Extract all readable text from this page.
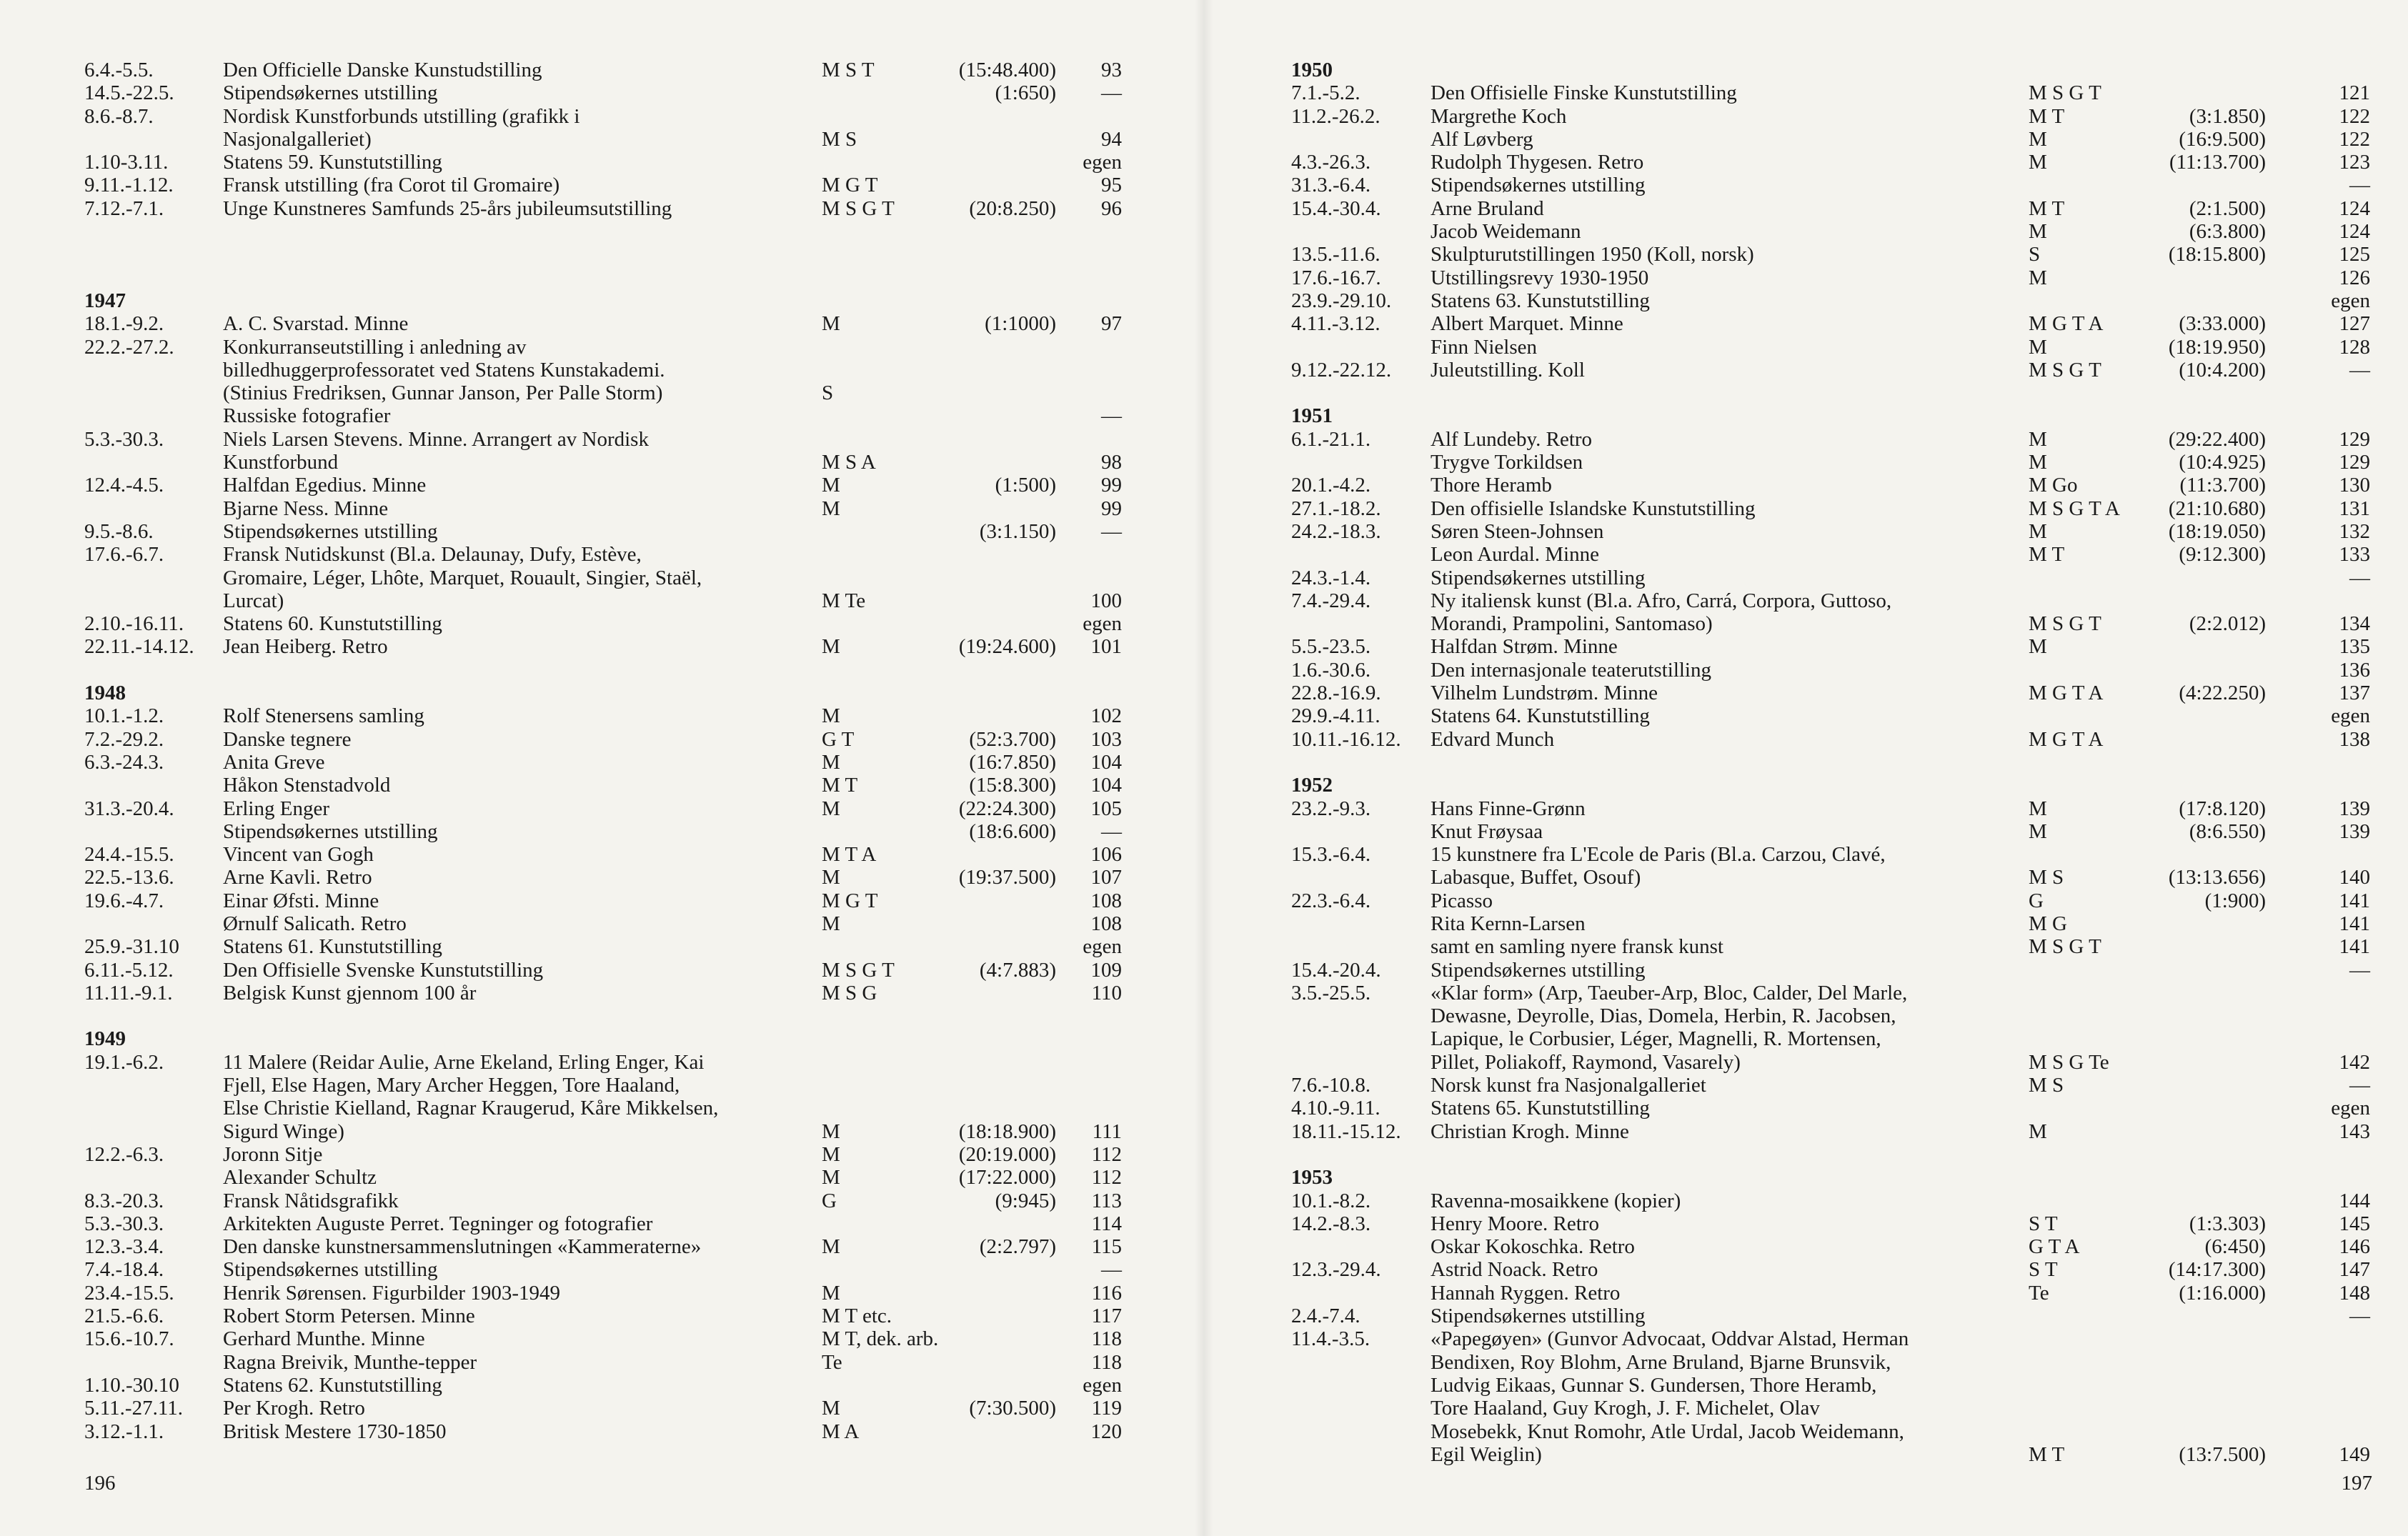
6.4.-5.5.	Den Officielle Danske Kunstudstilling	M S T	(15:48.400)	93
14.5.-22.5. Stipendsøkernes utstilling	(1:650)	—
8.6.-8.7.	Nordisk Kunstforbunds utstilling (grafikk i
Nasjonalgalleriet)	M S	94
1.10-3.11.	Statens 59. Kunstutstilling	egen
9.11.-1.12. Fransk utstilling (fra Corot til Gromaire)	M G T	95
7.12.-7.1.	Unge Kunstneres Samfunds 25-års jubileumsutstilling	M S G T	(20:8.250)	96
1947
18.1.-9.2.	A. C. Svarstad. Minne	M	(1:1000)	97
22.2.-27.2. Konkurranseutstilling i anledning av
billedhuggerprofessoratet ved Statens Kunstakademi.
(Stinius Fredriksen, Gunnar Janson, Per Palle Storm)	S
Russiske fotografier	—
5.3.-30.3.	Niels Larsen Stevens. Minne. Arrangert av Nordisk
Kunstforbund	M S A	98
12.4.-4.5.	Halfdan Egedius. Minne	M	(1:500)	99
Bjarne Ness. Minne	M	99
9.5.-8.6.	Stipendsøkernes utstilling	(3:1.150)	—
17.6.-6.7.	Fransk Nutidskunst (Bl.a. Delaunay, Dufy, Estève,
Gromaire, Léger, Lhôte, Marquet, Rouault, Singier, Staël,
Lurcat)	M Te	100
2.10.-16.11. Statens 60. Kunstutstilling	egen
22.11.-14.12. Jean Heiberg. Retro	M	(19:24.600)	101
1948
10.1.-1.2.	Rolf Stenersens samling	M	102
7.2.-29.2.	Danske tegnere	G T	(52:3.700)	103
6.3.-24.3.	Anita Greve	M	(16:7.850)	104
Håkon Stenstadvold	M T	(15:8.300)	104
31.3.-20.4. Erling Enger	M	(22:24.300)	105
Stipendsøkernes utstilling	(18:6.600)	—
24.4.-15.5. Vincent van Gogh	M T A	106
22.5.-13.6. Arne Kavli. Retro	M	(19:37.500)	107
19.6.-4.7.	Einar Øfsti. Minne	M G T	108
Ørnulf Salicath. Retro	M	108
25.9.-31.10 Statens 61. Kunstutstilling	egen
6.11.-5.12. Den Offisielle Svenske Kunstutstilling	M S G T	(4:7.883)	109
11.11.-9.1. Belgisk Kunst gjennom 100 år	M S G	110
1949
19.1.-6.2.	11 Malere (Reidar Aulie, Arne Ekeland, Erling Enger, Kai
Fjell, Else Hagen, Mary Archer Heggen, Tore Haaland,
Else Christie Kielland, Ragnar Kraugerud, Kåre Mikkelsen,
Sigurd Winge)	M	(18:18.900)	111
12.2.-6.3.	Joronn Sitje	M	(20:19.000)	112
Alexander Schultz	M	(17:22.000)	112
8.3.-20.3.	Fransk Nåtidsgrafikk	G	(9:945)	113
5.3.-30.3.	Arkitekten Auguste Perret. Tegninger og fotografier	114
12.3.-3.4.	Den danske kunstnersammenslutningen «Kammeraterne»	M	(2:2.797)	115
7.4.-18.4.	Stipendsøkernes utstilling	—
23.4.-15.5. Henrik Sørensen. Figurbilder 1903-1949	M	116
21.5.-6.6.	Robert Storm Petersen. Minne	M T etc.	117
15.6.-10.7. Gerhard Munthe. Minne	M T, dek. arb.	118
Ragna Breivik, Munthe-tepper	Te	118
1.10.-30.10 Statens 62. Kunstutstilling	egen
5.11.-27.11. Per Krogh. Retro	M	(7:30.500)	119
3.12.-1.1.	Britisk Mestere 1730-1850	M A	120
196
1950
7.1.-5.2.	Den Offisielle Finske Kunstutstilling	M S G T	121
11.2.-26.2. Margrethe Koch	M T	(3:1.850)	122
Alf Løvberg	M	(16:9.500)	122
4.3.-26.3.	Rudolph Thygesen. Retro	M	(11:13.700)	123
31.3.-6.4.	Stipendsøkernes utstilling	—
15.4.-30.4. Arne Bruland	M T	(2:1.500)	124
Jacob Weidemann	M	(6:3.800)	124
13.5.-11.6. Skulpturutstillingen 1950 (Koll, norsk)	S	(18:15.800)	125
17.6.-16.7. Utstillingsrevy 1930-1950	M	126
23.9.-29.10. Statens 63. Kunstutstilling	egen
4.11.-3.12. Albert Marquet. Minne	M G T A	(3:33.000)	127
Finn Nielsen	M	(18:19.950)	128
9.12.-22.12. Juleutstilling. Koll	M S G T	(10:4.200)	—
1951
6.1.-21.1.	Alf Lundeby. Retro	M	(29:22.400)	129
Trygve Torkildsen	M	(10:4.925)	129
20.1.-4.2.	Thore Heramb	M Go	(11:3.700)	130
27.1.-18.2. Den offisielle Islandske Kunstutstilling	M S G T A	(21:10.680)	131
24.2.-18.3. Søren Steen-Johnsen	M	(18:19.050)	132
Leon Aurdal. Minne	M T	(9:12.300)	133
24.3.-1.4.	Stipendsøkernes utstilling	—
7.4.-29.4.	Ny italiensk kunst (Bl.a. Afro, Carrá, Corpora, Guttoso,
Morandi, Prampolini, Santomaso)	M S G T	(2:2.012)	134
5.5.-23.5.	Halfdan Strøm. Minne	M	135
1.6.-30.6.	Den internasjonale teaterutstilling	136
22.8.-16.9. Vilhelm Lundstrøm. Minne	M G T A	(4:22.250)	137
29.9.-4.11. Statens 64. Kunstutstilling	egen
10.11.-16.12. Edvard Munch	M G T A	138
1952
23.2.-9.3.	Hans Finne-Grønn	M	(17:8.120)	139
Knut Frøysaa	M	(8:6.550)	139
15.3.-6.4.	15 kunstnere fra L'Ecole de Paris (Bl.a. Carzou, Clavé,
Labasque, Buffet, Osouf)	M S	(13:13.656)	140
22.3.-6.4.	Picasso	G	(1:900)	141
Rita Kernn-Larsen	M G	141
samt en samling nyere fransk kunst	M S G T	141
15.4.-20.4. Stipendsøkernes utstilling	—
3.5.-25.5.	«Klar form» (Arp, Taeuber-Arp, Bloc, Calder, Del Marle,
Dewasne, Deyrolle, Dias, Domela, Herbin, R. Jacobsen,
Lapique, le Corbusier, Léger, Magnelli, R. Mortensen,
Pillet, Poliakoff, Raymond, Vasarely)	M S G Te	142
7.6.-10.8.	Norsk kunst fra Nasjonalgalleriet	M S	—
4.10.-9.11. Statens 65. Kunstutstilling	egen
18.11.-15.12. Christian Krogh. Minne	M	143
1953
10.1.-8.2.	Ravenna-mosaikkene (kopier)	144
14.2.-8.3.	Henry Moore. Retro	S T	(1:3.303)	145
Oskar Kokoschka. Retro	G T A	(6:450)	146
12.3.-29.4. Astrid Noack. Retro	S T	(14:17.300)	147
Hannah Ryggen. Retro	Te	(1:16.000)	148
2.4.-7.4.	Stipendsøkernes utstilling	—
11.4.-3.5.	«Papegøyen» (Gunvor Advocaat, Oddvar Alstad, Herman
Bendixen, Roy Blohm, Arne Bruland, Bjarne Brunsvik,
Ludvig Eikaas, Gunnar S. Gundersen, Thore Heramb,
Tore Haaland, Guy Krogh, J. F. Michelet, Olav
Mosebekk, Knut Romohr, Atle Urdal, Jacob Weidemann,
Egil Weiglin)	M T	(13:7.500)	149
197
